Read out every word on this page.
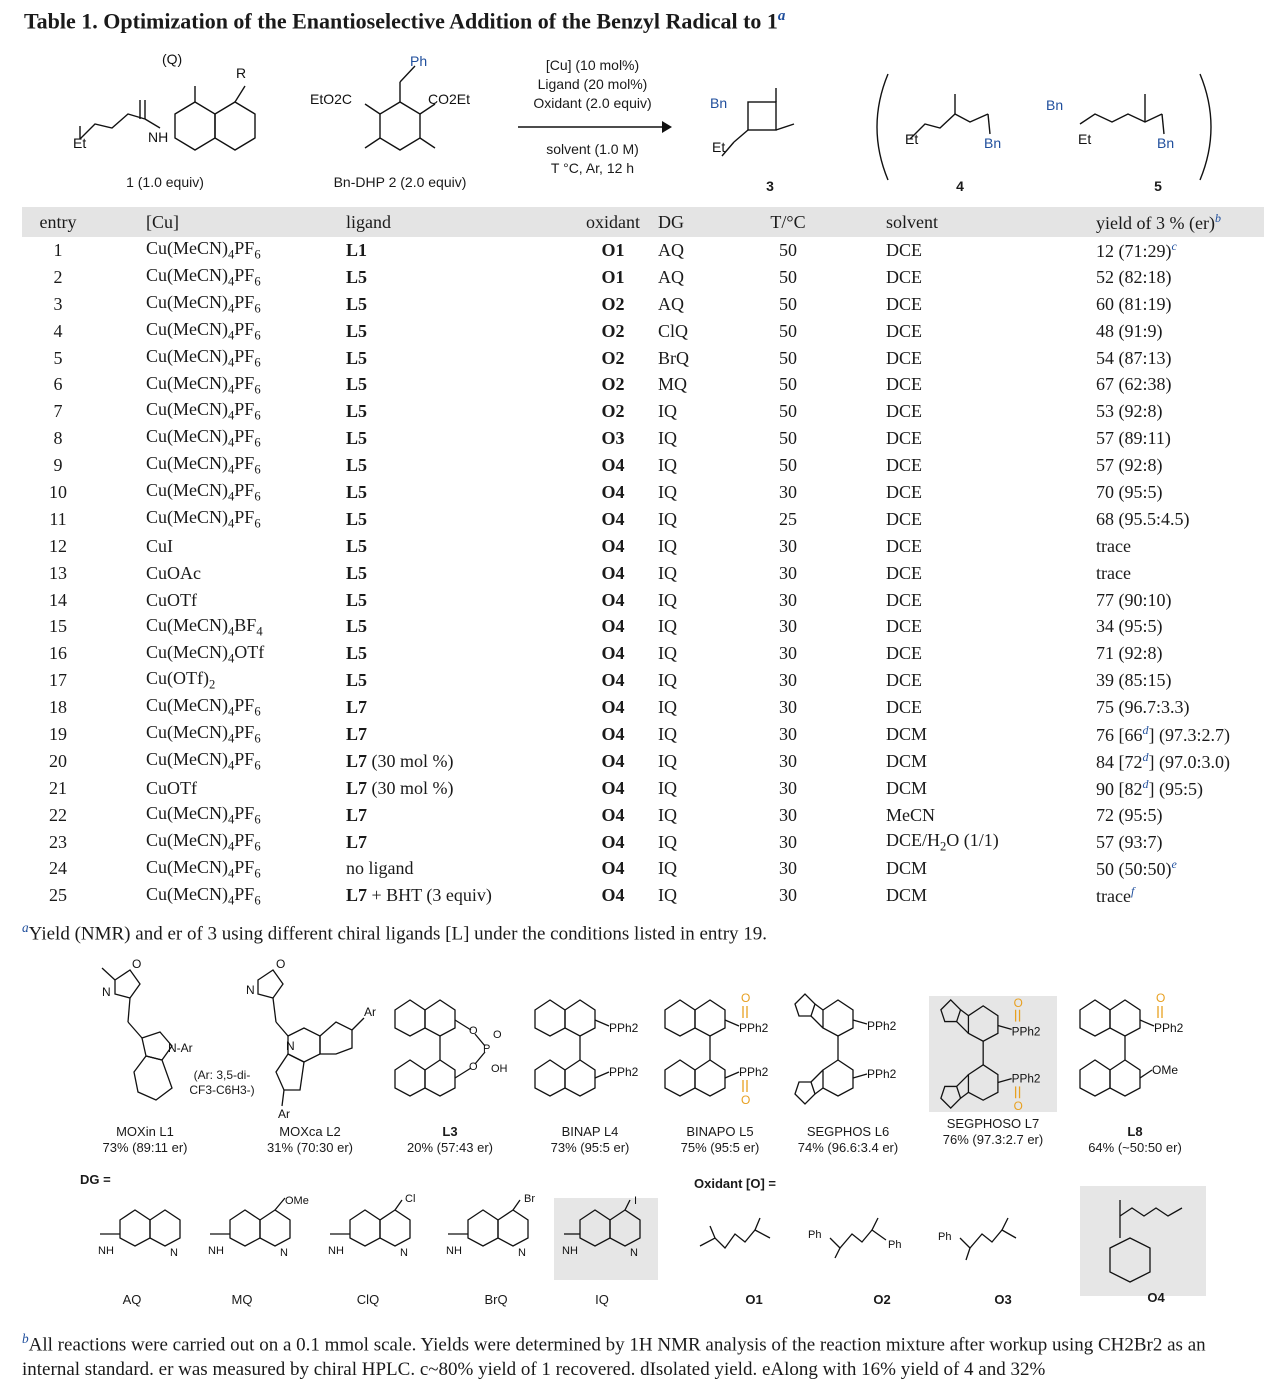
Table 1. Optimization of the Enantioselective Addition of the Benzyl Radical to 1$^a$
(Q)
R
NH
Et
Ph
EtO2C	CO2Et	Bn
Et	Et	Bn
Bn
Et	Bn
1 (1.0 equiv)	Bn-DHP 2 (2.0 equiv)
[Cu] (10 mol%)
Ligand (20 mol%)
Oxidant (2.0 equiv)
solvent (1.0 M)
T °C, Ar, 12 h
3	4	5
entry	[Cu]	ligand	oxidant	DG	T/°C	solvent	yield of 3 % (er)$^b$
1	$Cu(MeCN)_4PF_6$	L1	O1	AQ	50	DCE	12 (71:29)$^c$
2	$Cu(MeCN)_4PF_6$	L5	O1	AQ	50	DCE	52 (82:18)
3	$Cu(MeCN)_4PF_6$	L5	O2	AQ	50	DCE	60 (81:19)
4	$Cu(MeCN)_4PF_6$	L5	O2	ClQ	50	DCE	48 (91:9)
5	$Cu(MeCN)_4PF_6$	L5	O2	BrQ	50	DCE	54 (87:13)
6	$Cu(MeCN)_4PF_6$	L5	O2	MQ	50	DCE	67 (62:38)
7	$Cu(MeCN)_4PF_6$	L5	O2	IQ	50	DCE	53 (92:8)
8	$Cu(MeCN)_4PF_6$	L5	O3	IQ	50	DCE	57 (89:11)
9	$Cu(MeCN)_4PF_6$	L5	O4	IQ	50	DCE	57 (92:8)
10	$Cu(MeCN)_4PF_6$	L5	O4	IQ	30	DCE	70 (95:5)
11	$Cu(MeCN)_4PF_6$	L5	O4	IQ	25	DCE	68 (95.5:4.5)
12	CuI	L5	O4	IQ	30	DCE	trace
13	CuOAc	L5	O4	IQ	30	DCE	trace
14	CuOTf	L5	O4	IQ	30	DCE	77 (90:10)
15	$Cu(MeCN)_4BF_4$	L5	O4	IQ	30	DCE	34 (95:5)
16	$Cu(MeCN)_4OTf$	L5	O4	IQ	30	DCE	71 (92:8)
17	$Cu(OTf)_2$	L5	O4	IQ	30	DCE	39 (85:15)
18	$Cu(MeCN)_4PF_6$	L7	O4	IQ	30	DCE	75 (96.7:3.3)
19	$Cu(MeCN)_4PF_6$	L7	O4	IQ	30	DCM	76 [66$^d$] (97.3:2.7)
20	$Cu(MeCN)_4PF_6$	L7 (30 mol %)	O4	IQ	30	DCM	84 [72$^d$] (97.0:3.0)
21	CuOTf	L7 (30 mol %)	O4	IQ	30	DCM	90 [82$^d$] (95:5)
22	$Cu(MeCN)_4PF_6$	L7	O4	IQ	30	MeCN	72 (95:5)
23	$Cu(MeCN)_4PF_6$	L7	O4	IQ	30	DCE/$H_2O$ (1/1)	57 (93:7)
24	$Cu(MeCN)_4PF_6$	no ligand	O4	IQ	30	DCM	50 (50:50)$^e$
25	$Cu(MeCN)_4PF_6$	L7 + BHT (3 equiv)	O4	IQ	30	DCM	trace$^f$
$^a$Yield (NMR) and er of 3 using different chiral ligands [L] under the conditions listed in entry 19.
N
O
N-Ar
MOXin L1
73% (89:11 er)
(Ar: 3,5-di-CF3-C6H3-)
N
O
N
Ar
Ar
MOXca L2
31% (70:30 er)
O
O
P
O
OH
L3
20% (57:43 er)
PPh2
PPh2
BINAP L4
73% (95:5 er)
O
O
PPh2
PPh2
BINAPO L5
75% (95:5 er)
PPh2
PPh2
SEGPHOS L6
74% (96.6:3.4 er)
O
O
PPh2
PPh2
SEGPHOSO L7
76% (97.3:2.7 er)
O
PPh2
OMe
L8
64% (~50:50 er)
DG =
NH	N	NH	N
OMe
NH	N
Cl
NH	N
Br
NH	N
I
AQ	MQ	ClQ	BrQ	IQ
Oxidant [O] =
Ph
Ph
Ph
O1	O2	O3	O4
$^b$All reactions were carried out on a 0.1 mmol scale. Yields were determined by 1H NMR analysis of the reaction mixture after workup using CH2Br2 as an internal standard. er was measured by chiral HPLC. c~80% yield of 1 recovered. dIsolated yield. eAlong with 16% yield of 4 and 32%
